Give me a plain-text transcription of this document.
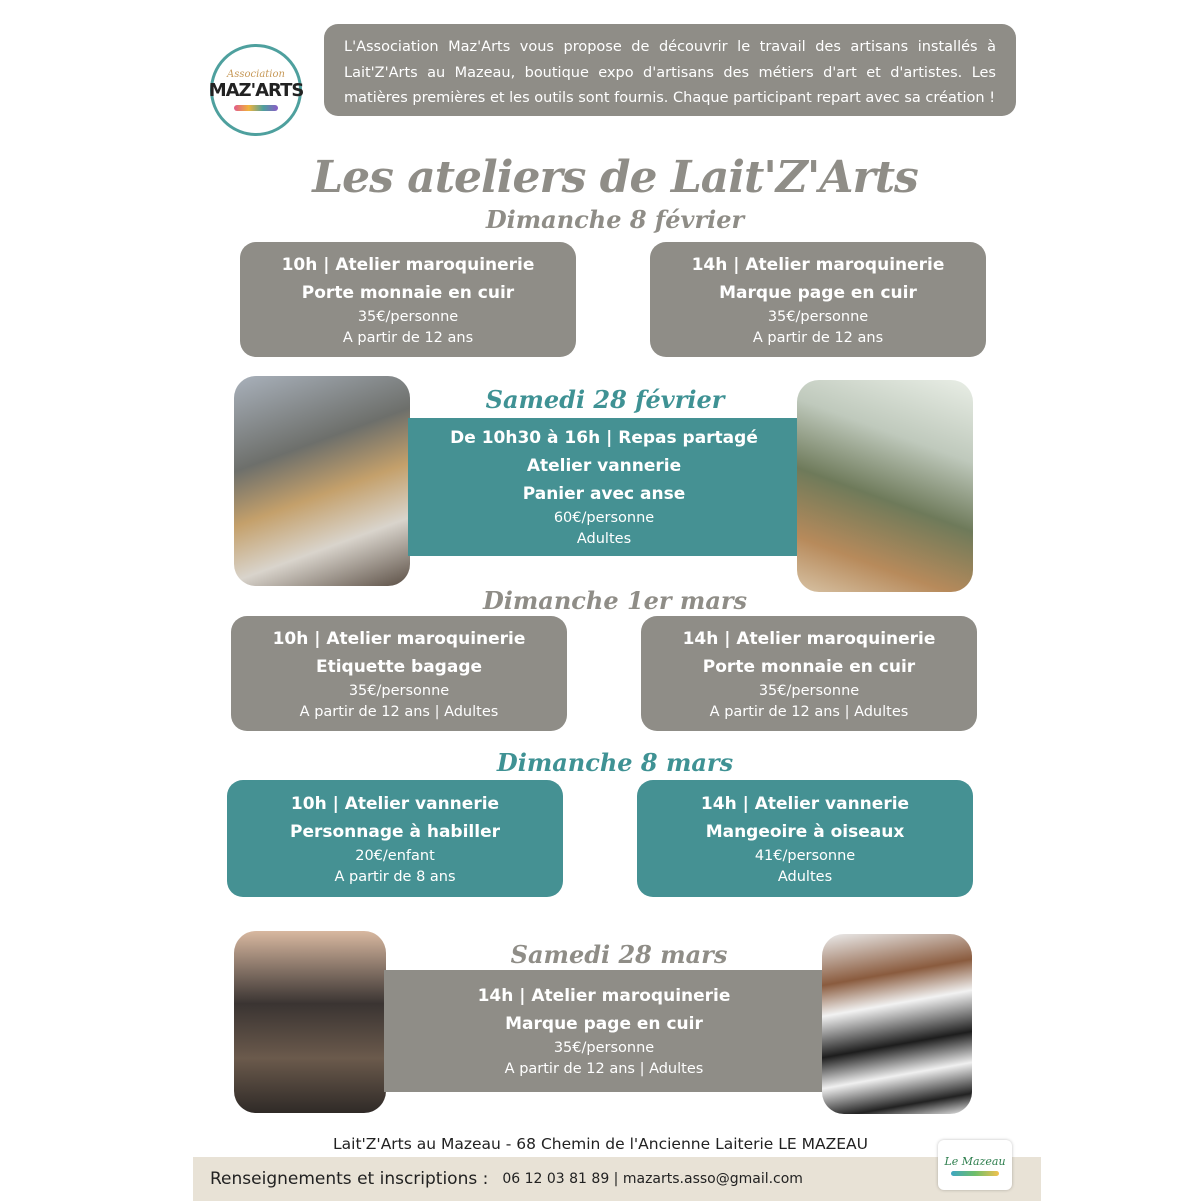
Association
MAZ'ARTS
L'Association Maz'Arts vous propose de découvrir le travail des artisans installés à Lait'Z'Arts au Mazeau, boutique expo d'artisans des métiers d'art et d'artistes. Les matières premières et les outils sont fournis. Chaque participant repart avec sa création !
Les ateliers de Lait'Z'Arts
Dimanche 8 février
10h | Atelier maroquinerie
Porte monnaie en cuir
35€/personne
A partir de 12 ans
14h | Atelier maroquinerie
Marque page en cuir
35€/personne
A partir de 12 ans
De 10h30 à 16h | Repas partagé
Atelier vannerie
Panier avec anse
60€/personne
Adultes
Samedi 28 février
Dimanche 1er mars
10h | Atelier maroquinerie
Etiquette bagage
35€/personne
A partir de 12 ans | Adultes
14h | Atelier maroquinerie
Porte monnaie en cuir
35€/personne
A partir de 12 ans | Adultes
Dimanche 8 mars
10h | Atelier vannerie
Personnage à habiller
20€/enfant
A partir de 8 ans
14h | Atelier vannerie
Mangeoire à oiseaux
41€/personne
Adultes
14h | Atelier maroquinerie
Marque page en cuir
35€/personne
A partir de 12 ans | Adultes
Samedi 28 mars
Lait'Z'Arts au Mazeau - 68 Chemin de l'Ancienne Laiterie LE MAZEAU
Renseignements et inscriptions : 06 12 03 81 89 | mazarts.asso@gmail.com
Le Mazeau
